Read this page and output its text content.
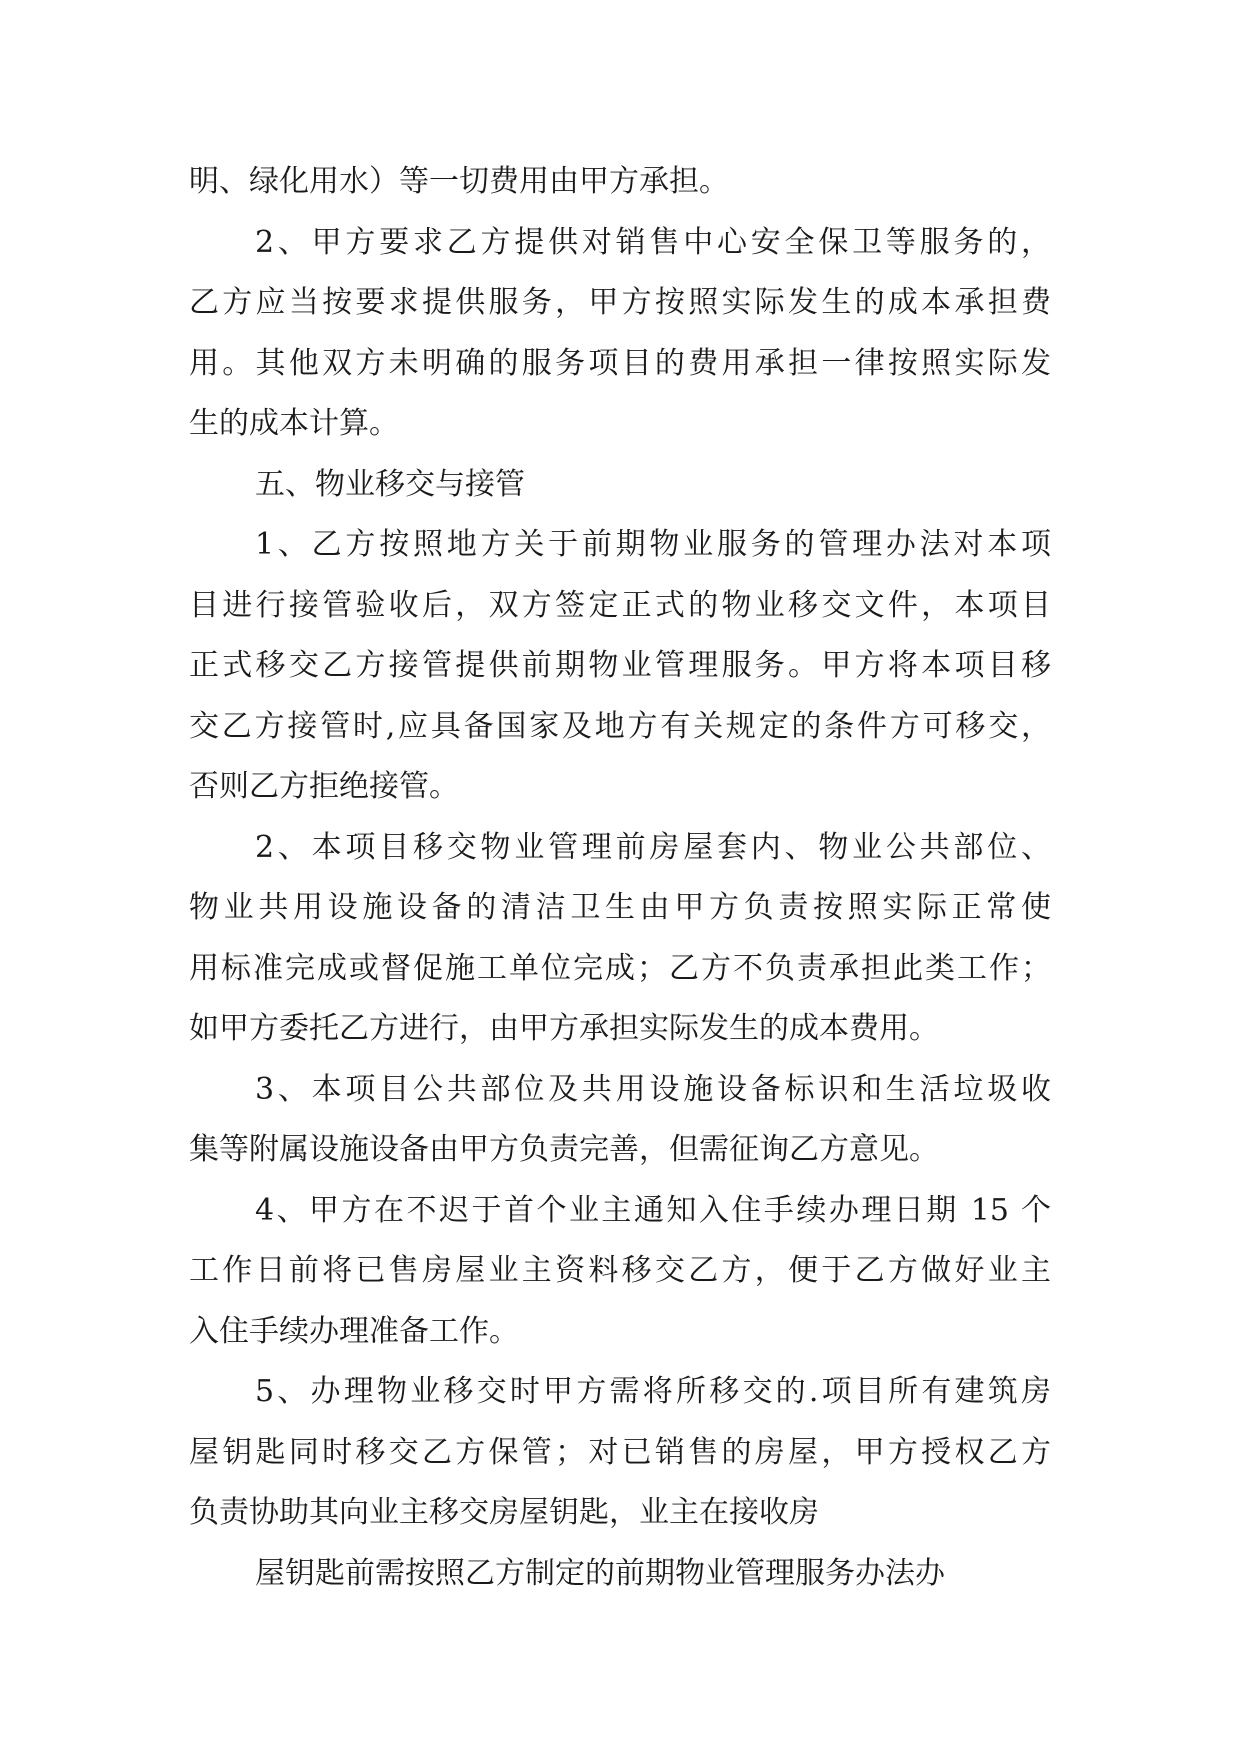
明、绿化用水）等一切费用由甲方承担。
2、甲方要求乙方提供对销售中心安全保卫等服务的，
乙方应当按要求提供服务，甲方按照实际发生的成本承担费
用。其他双方未明确的服务项目的费用承担一律按照实际发
生的成本计算。
五、物业移交与接管
1、乙方按照地方关于前期物业服务的管理办法对本项
目进行接管验收后，双方签定正式的物业移交文件，本项目
正式移交乙方接管提供前期物业管理服务。甲方将本项目移
交乙方接管时,应具备国家及地方有关规定的条件方可移交，
否则乙方拒绝接管。
2、本项目移交物业管理前房屋套内、物业公共部位、
物业共用设施设备的清洁卫生由甲方负责按照实际正常使
用标准完成或督促施工单位完成；乙方不负责承担此类工作；
如甲方委托乙方进行，由甲方承担实际发生的成本费用。
3、本项目公共部位及共用设施设备标识和生活垃圾收
集等附属设施设备由甲方负责完善，但需征询乙方意见。
4、甲方在不迟于首个业主通知入住手续办理日期 15 个
工作日前将已售房屋业主资料移交乙方，便于乙方做好业主
入住手续办理准备工作。
5、办理物业移交时甲方需将所移交的.项目所有建筑房
屋钥匙同时移交乙方保管；对已销售的房屋，甲方授权乙方
负责协助其向业主移交房屋钥匙，业主在接收房
屋钥匙前需按照乙方制定的前期物业管理服务办法办
